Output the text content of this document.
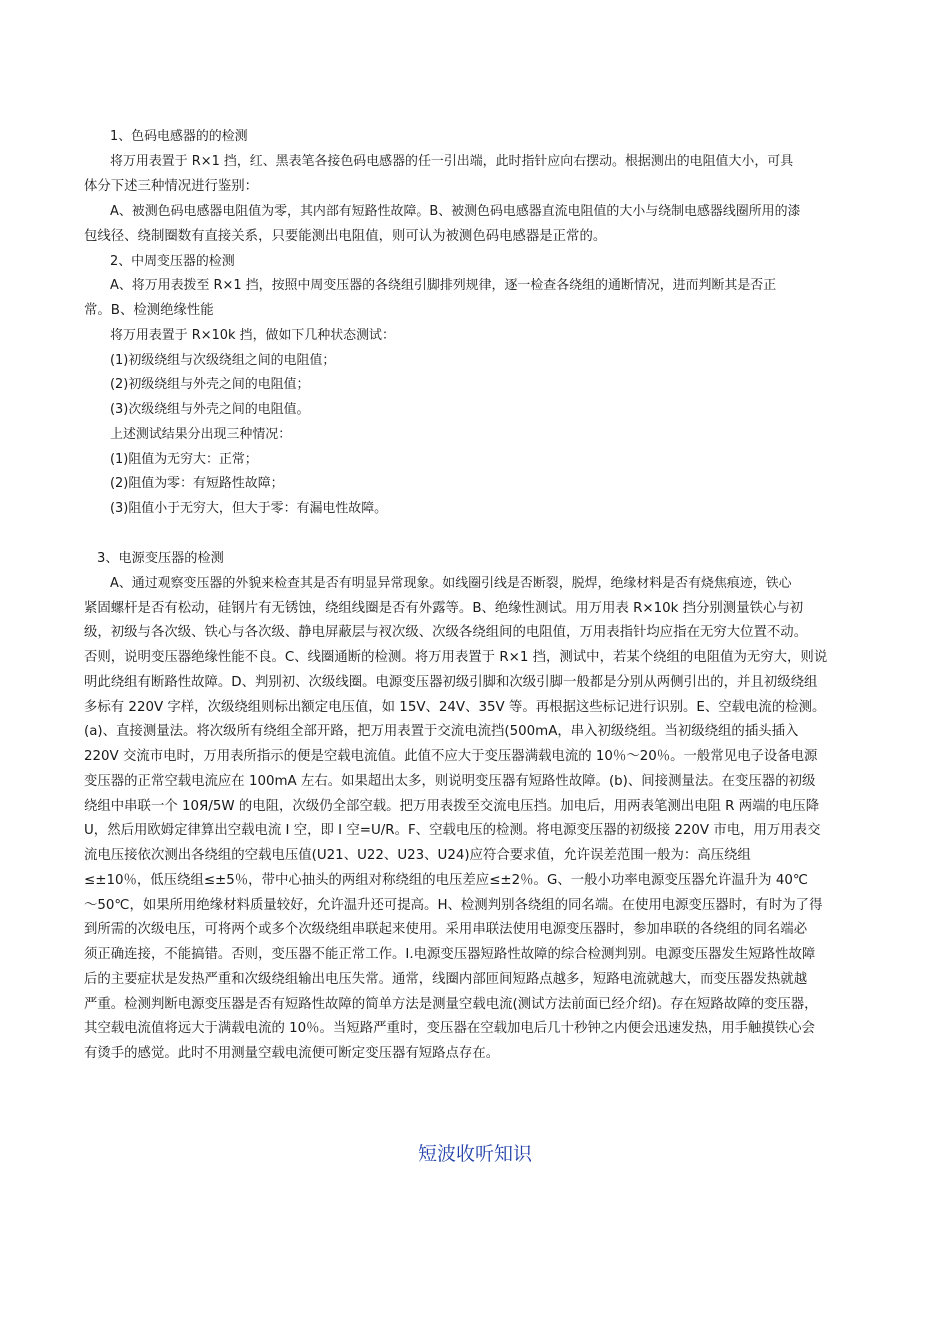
1、色码电感器的的检测
将万用表置于 R×1 挡，红、黑表笔各接色码电感器的任一引出端，此时指针应向右摆动。根据测出的电阻值大小，可具
体分下述三种情况进行鉴别：
A、被测色码电感器电阻值为零，其内部有短路性故障。B、被测色码电感器直流电阻值的大小与绕制电感器线圈所用的漆
包线径、绕制圈数有直接关系，只要能测出电阻值，则可认为被测色码电感器是正常的。
2、中周变压器的检测
A、将万用表拨至 R×1 挡，按照中周变压器的各绕组引脚排列规律，逐一检查各绕组的通断情况，进而判断其是否正
常。B、检测绝缘性能
将万用表置于 R×10k 挡，做如下几种状态测试：
(1)初级绕组与次级绕组之间的电阻值；
(2)初级绕组与外壳之间的电阻值；
(3)次级绕组与外壳之间的电阻值。
上述测试结果分出现三种情况：
(1)阻值为无穷大：正常；
(2)阻值为零：有短路性故障；
(3)阻值小于无穷大，但大于零：有漏电性故障。
3、电源变压器的检测
A、通过观察变压器的外貌来检查其是否有明显异常现象。如线圈引线是否断裂，脱焊，绝缘材料是否有烧焦痕迹，铁心
紧固螺杆是否有松动，硅钢片有无锈蚀，绕组线圈是否有外露等。B、绝缘性测试。用万用表 R×10k 挡分别测量铁心与初
级，初级与各次级、铁心与各次级、静电屏蔽层与衩次级、次级各绕组间的电阻值，万用表指针均应指在无穷大位置不动。
否则，说明变压器绝缘性能不良。C、线圈通断的检测。将万用表置于 R×1 挡，测试中，若某个绕组的电阻值为无穷大，则说
明此绕组有断路性故障。D、判别初、次级线圈。电源变压器初级引脚和次级引脚一般都是分别从两侧引出的，并且初级绕组
多标有 220V 字样，次级绕组则标出额定电压值，如 15V、24V、35V 等。再根据这些标记进行识别。E、空载电流的检测。
(a)、直接测量法。将次级所有绕组全部开路，把万用表置于交流电流挡(500mA，串入初级绕组。当初级绕组的插头插入
220V 交流市电时，万用表所指示的便是空载电流值。此值不应大于变压器满载电流的 10％～20％。一般常见电子设备电源
变压器的正常空载电流应在 100mA 左右。如果超出太多，则说明变压器有短路性故障。(b)、间接测量法。在变压器的初级
绕组中串联一个 10Я/5W 的电阻，次级仍全部空载。把万用表拨至交流电压挡。加电后，用两表笔测出电阻 R 两端的电压降
U，然后用欧姆定律算出空载电流 I 空，即 I 空=U/R。F、空载电压的检测。将电源变压器的初级接 220V 市电，用万用表交
流电压接依次测出各绕组的空载电压值(U21、U22、U23、U24)应符合要求值，允许误差范围一般为：高压绕组
≤±10％，低压绕组≤±5％，带中心抽头的两组对称绕组的电压差应≤±2％。G、一般小功率电源变压器允许温升为 40℃
～50℃，如果所用绝缘材料质量较好，允许温升还可提高。H、检测判别各绕组的同名端。在使用电源变压器时，有时为了得
到所需的次级电压，可将两个或多个次级绕组串联起来使用。采用串联法使用电源变压器时，参加串联的各绕组的同名端必
须正确连接，不能搞错。否则，变压器不能正常工作。I.电源变压器短路性故障的综合检测判别。电源变压器发生短路性故障
后的主要症状是发热严重和次级绕组输出电压失常。通常，线圈内部匝间短路点越多，短路电流就越大，而变压器发热就越
严重。检测判断电源变压器是否有短路性故障的简单方法是测量空载电流(测试方法前面已经介绍)。存在短路故障的变压器，
其空载电流值将远大于满载电流的 10％。当短路严重时，变压器在空载加电后几十秒钟之内便会迅速发热，用手触摸铁心会
有烫手的感觉。此时不用测量空载电流便可断定变压器有短路点存在。
短波收听知识
